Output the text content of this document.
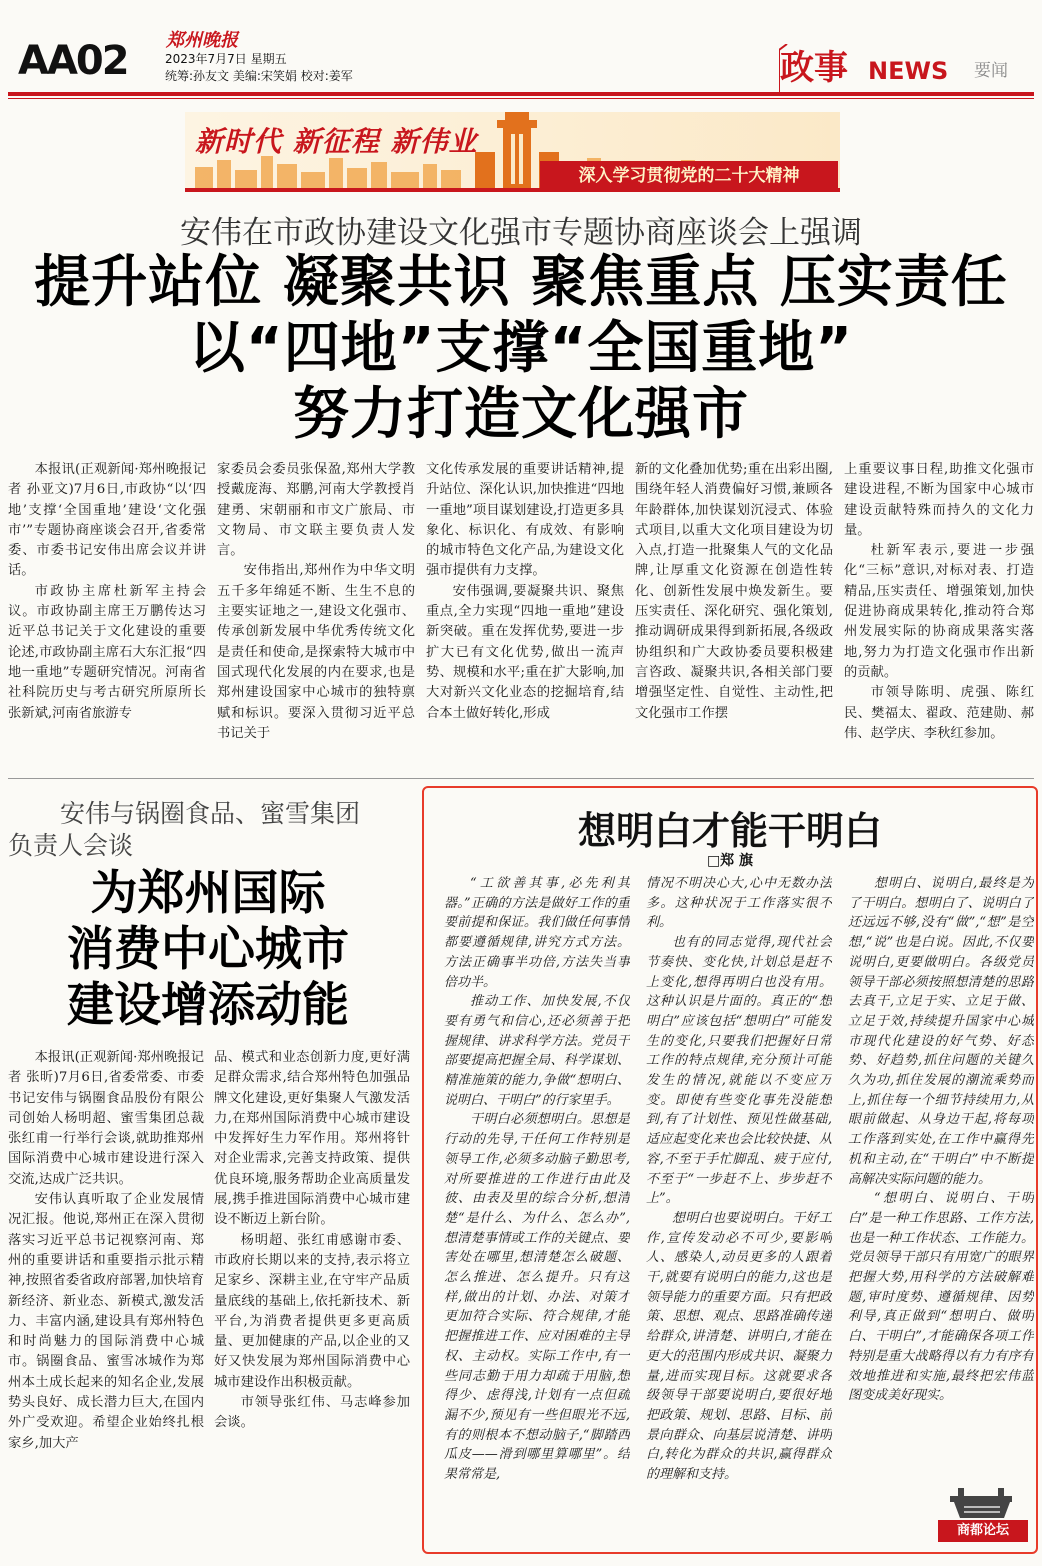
AA02 郑州晚报
2023年7月7日 星期五
统筹:孙友文 美编:宋笑娟 校对:姜军	政事 NEWS 要闻
新时代 新征程 新伟业
深入学习贯彻党的二十大精神
安伟在市政协建设文化强市专题协商座谈会上强调
提升站位 凝聚共识 聚焦重点 压实责任
以“四地”支撑“全国重地”
努力打造文化强市

本报讯(正观新闻·郑州晚报记者 孙亚文)7月6日,市政协“以‘四地’支撑‘全国重地’建设‘文化强市’”专题协商座谈会召开,省委常委、市委书记安伟出席会议并讲话。

市政协主席杜新军主持会议。市政协副主席王万鹏传达习近平总书记关于文化建设的重要论述,市政协副主席石大东汇报“四地一重地”专题研究情况。河南省社科院历史与考古研究所原所长张新斌,河南省旅游专

家委员会委员张保盈,郑州大学教授戴庞海、郑鹏,河南大学教授肖建勇、宋朝丽和市文广旅局、市文物局、市文联主要负责人发言。

安伟指出,郑州作为中华文明五千多年绵延不断、生生不息的主要实证地之一,建设文化强市、传承创新发展中华优秀传统文化是责任和使命,是探索特大城市中国式现代化发展的内在要求,也是郑州建设国家中心城市的独特禀赋和标识。要深入贯彻习近平总书记关于

文化传承发展的重要讲话精神,提升站位、深化认识,加快推进“四地一重地”项目谋划建设,打造更多具象化、标识化、有成效、有影响的城市特色文化产品,为建设文化强市提供有力支撑。

安伟强调,要凝聚共识、聚焦重点,全力实现“四地一重地”建设新突破。重在发挥优势,要进一步扩大已有文化优势,做出一流声势、规模和水平;重在扩大影响,加大对新兴文化业态的挖掘培育,结合本土做好转化,形成

新的文化叠加优势;重在出彩出圈,围绕年轻人消费偏好习惯,兼顾各年龄群体,加快谋划沉浸式、体验式项目,以重大文化项目建设为切入点,打造一批聚集人气的文化品牌,让厚重文化资源在创造性转化、创新性发展中焕发新生。要压实责任、深化研究、强化策划,推动调研成果得到新拓展,各级政协组织和广大政协委员要积极建言咨政、凝聚共识,各相关部门要增强坚定性、自觉性、主动性,把文化强市工作摆

上重要议事日程,助推文化强市建设进程,不断为国家中心城市建设贡献特殊而持久的文化力量。

杜新军表示,要进一步强化“三标”意识,对标对表、打造精品,压实责任、增强策划,加快促进协商成果转化,推动符合郑州发展实际的协商成果落实落地,努力为打造文化强市作出新的贡献。

市领导陈明、虎强、陈红民、樊福太、翟政、范建勋、郝伟、赵学庆、李秋红参加。

安伟与锅圈食品、蜜雪集团
负责人会谈
为郑州国际
消费中心城市
建设增添动能

本报讯(正观新闻·郑州晚报记者 张昕)7月6日,省委常委、市委书记安伟与锅圈食品股份有限公司创始人杨明超、蜜雪集团总裁张红甫一行举行会谈,就助推郑州国际消费中心城市建设进行深入交流,达成广泛共识。

安伟认真听取了企业发展情况汇报。他说,郑州正在深入贯彻落实习近平总书记视察河南、郑州的重要讲话和重要指示批示精神,按照省委省政府部署,加快培育新经济、新业态、新模式,激发活力、丰富内涵,建设具有郑州特色和时尚魅力的国际消费中心城市。锅圈食品、蜜雪冰城作为郑州本土成长起来的知名企业,发展势头良好、成长潜力巨大,在国内外广受欢迎。希望企业始终扎根家乡,加大产

品、模式和业态创新力度,更好满足群众需求,结合郑州特色加强品牌文化建设,更好集聚人气激发活力,在郑州国际消费中心城市建设中发挥好生力军作用。郑州将针对企业需求,完善支持政策、提供优良环境,服务帮助企业高质量发展,携手推进国际消费中心城市建设不断迈上新台阶。

杨明超、张红甫感谢市委、市政府长期以来的支持,表示将立足家乡、深耕主业,在守牢产品质量底线的基础上,依托新技术、新平台,为消费者提供更多更高质量、更加健康的产品,以企业的又好又快发展为郑州国际消费中心城市建设作出积极贡献。

市领导张红伟、马志峰参加会谈。

想明白才能干明白
□郑 旗

“工欲善其事,必先利其器。”正确的方法是做好工作的重要前提和保证。我们做任何事情都要遵循规律,讲究方式方法。方法正确事半功倍,方法失当事倍功半。

推动工作、加快发展,不仅要有勇气和信心,还必须善于把握规律、讲求科学方法。党员干部要提高把握全局、科学谋划、精准施策的能力,争做“想明白、说明白、干明白”的行家里手。

干明白必须想明白。思想是行动的先导,干任何工作特别是领导工作,必须多动脑子勤思考,对所要推进的工作进行由此及彼、由表及里的综合分析,想清楚“是什么、为什么、怎么办”,想清楚事情或工作的关键点、要害处在哪里,想清楚怎么破题、怎么推进、怎么提升。只有这样,做出的计划、办法、对策才更加符合实际、符合规律,才能把握推进工作、应对困难的主导权、主动权。实际工作中,有一些同志勤于用力却疏于用脑,想得少、虑得浅,计划有一点但疏漏不少,预见有一些但眼光不远,有的则根本不想动脑子,“脚踏西瓜皮——滑到哪里算哪里”。结果常常是,

情况不明决心大,心中无数办法多。这种状况于工作落实很不利。

也有的同志觉得,现代社会节奏快、变化快,计划总是赶不上变化,想得再明白也没有用。这种认识是片面的。真正的“想明白”应该包括“想明白”可能发生的变化,只要我们把握好日常工作的特点规律,充分预计可能发生的情况,就能以不变应万变。即使有些变化事先没能想到,有了计划性、预见性做基础,适应起变化来也会比较快捷、从容,不至于手忙脚乱、疲于应付,不至于“一步赶不上、步步赶不上”。

想明白也要说明白。干好工作,宣传发动必不可少,要影响人、感染人,动员更多的人跟着干,就要有说明白的能力,这也是领导能力的重要方面。只有把政策、思想、观点、思路准确传递给群众,讲清楚、讲明白,才能在更大的范围内形成共识、凝聚力量,进而实现目标。这就要求各级领导干部要说明白,要很好地把政策、规划、思路、目标、前景向群众、向基层说清楚、讲明白,转化为群众的共识,赢得群众的理解和支持。

想明白、说明白,最终是为了干明白。想明白了、说明白了还远远不够,没有“做”,“想”是空想,“说”也是白说。因此,不仅要说明白,更要做明白。各级党员领导干部必须按照想清楚的思路去真干,立足于实、立足于做、立足于效,持续提升国家中心城市现代化建设的好气势、好态势、好趋势,抓住问题的关键久久为功,抓住发展的潮流乘势而上,抓住每一个细节持续用力,从眼前做起、从身边干起,将每项工作落到实处,在工作中赢得先机和主动,在“干明白”中不断提高解决实际问题的能力。

“想明白、说明白、干明白”是一种工作思路、工作方法,也是一种工作状态、工作能力。党员领导干部只有用宽广的眼界把握大势,用科学的方法破解难题,审时度势、遵循规律、因势利导,真正做到“想明白、做明白、干明白”,才能确保各项工作特别是重大战略得以有力有序有效地推进和实施,最终把宏伟蓝图变成美好现实。

商都论坛
